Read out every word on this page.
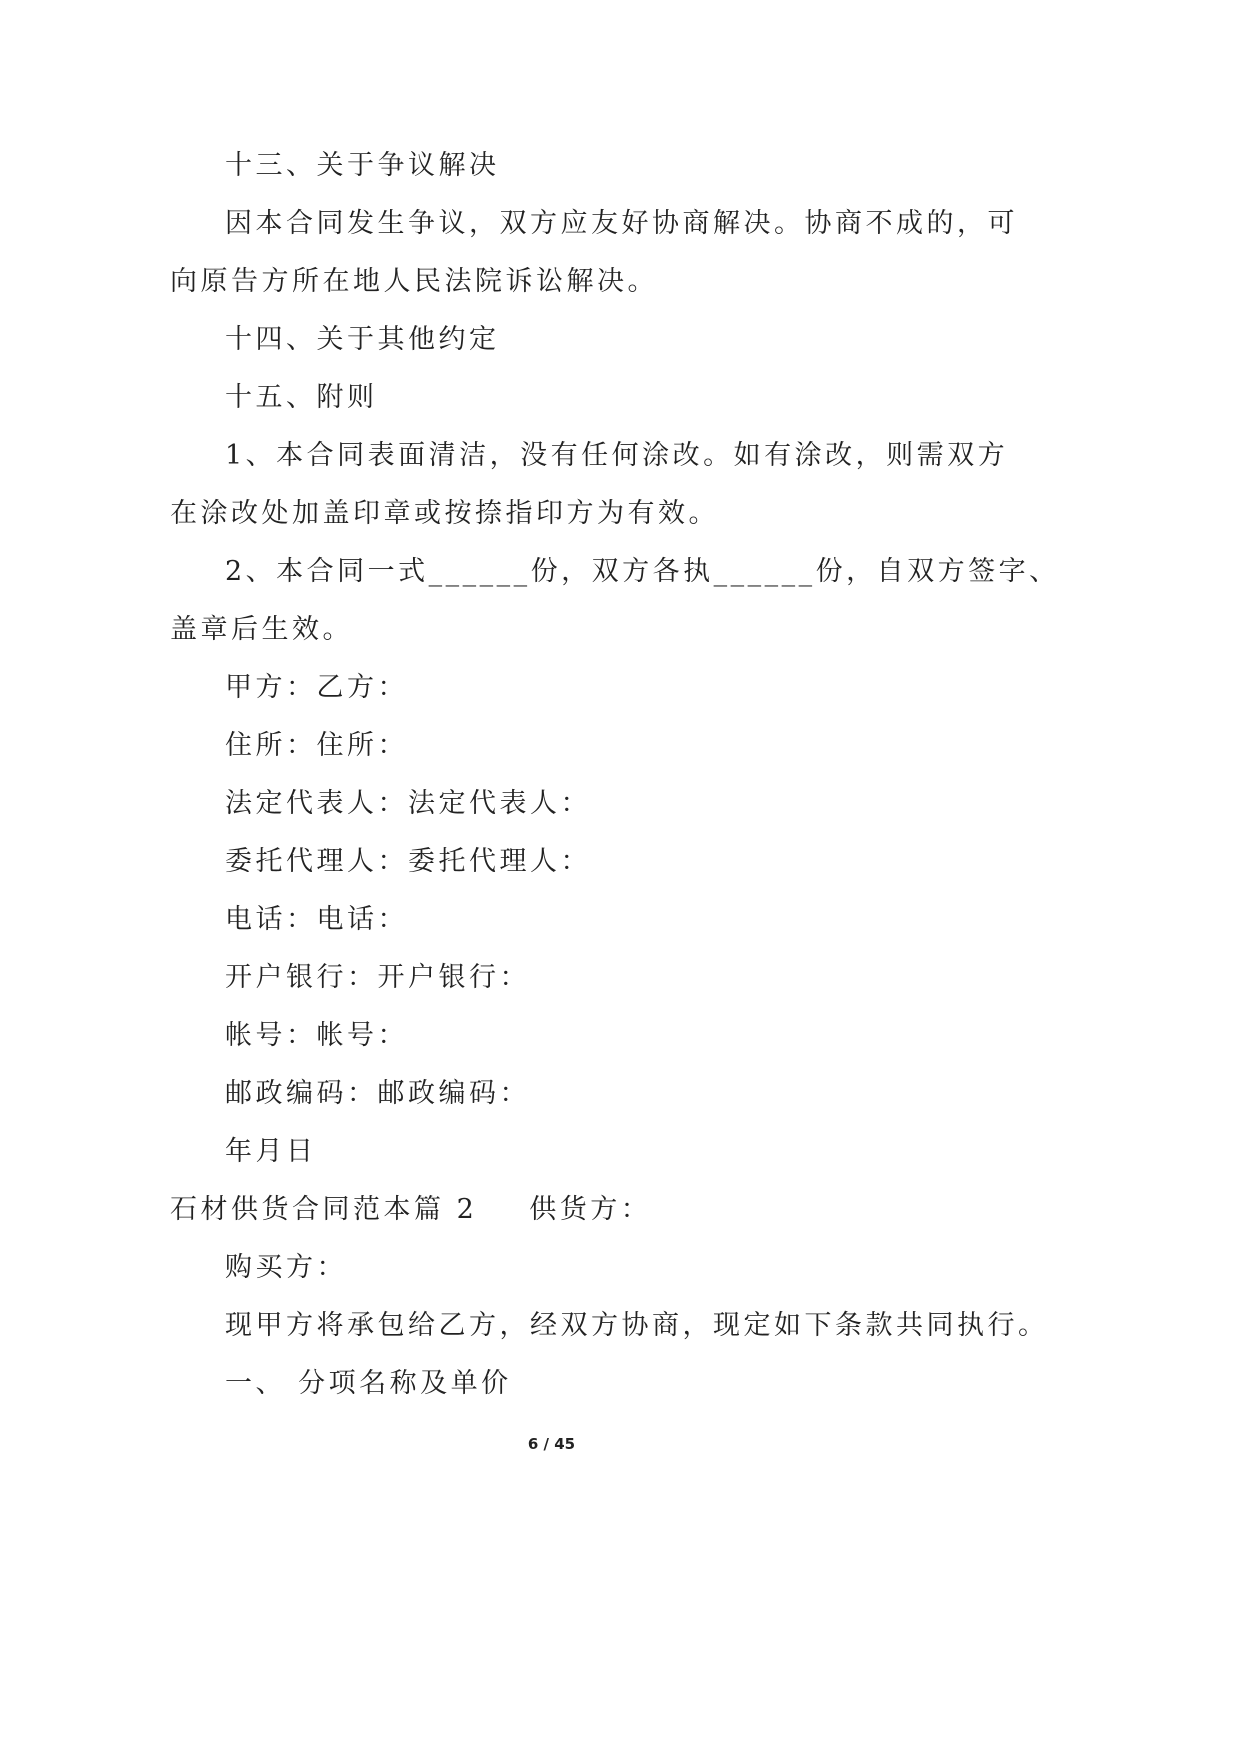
十三、关于争议解决
因本合同发生争议，双方应友好协商解决。协商不成的，可
向原告方所在地人民法院诉讼解决。
十四、关于其他约定
十五、附则
1、本合同表面清洁，没有任何涂改。如有涂改，则需双方
在涂改处加盖印章或按捺指印方为有效。
2、本合同一式______份，双方各执______份，自双方签字、
盖章后生效。
甲方：乙方：
住所：住所：
法定代表人：法定代表人：
委托代理人：委托代理人：
电话：电话：
开户银行：开户银行：
帐号：帐号：
邮政编码：邮政编码：
年月日
石材供货合同范本篇 2 供货方：
购买方：
现甲方将承包给乙方，经双方协商，现定如下条款共同执行。
一、 分项名称及单价
6 / 45
